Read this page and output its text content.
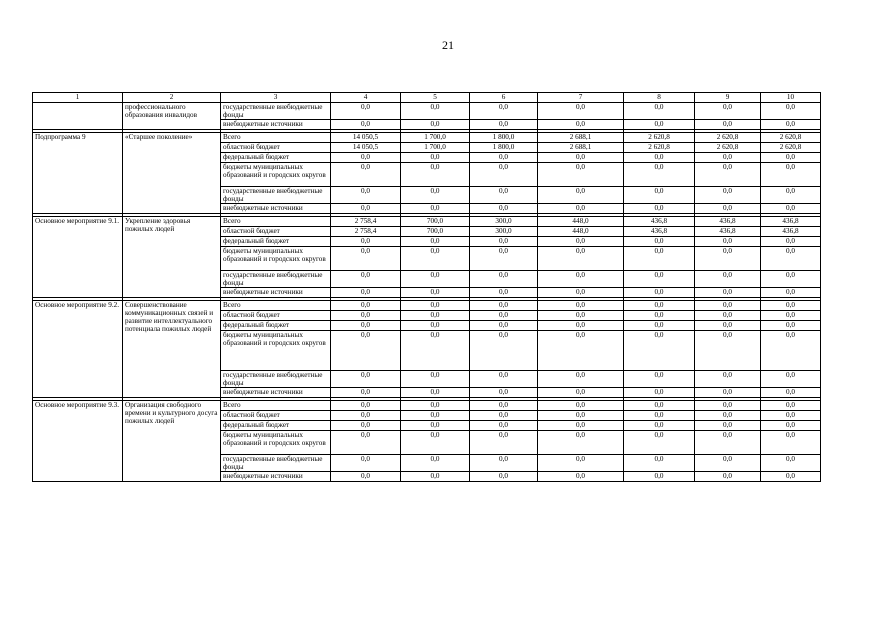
21
1	2	3	4	5	6	7	8	9	10
	профессионального образования инвалидов	государственные внебюджетные фонды	0,0	0,0	0,0	0,0	0,0	0,0	0,0
		внебюджетные источники	0,0	0,0	0,0	0,0	0,0	0,0	0,0

Подпрограмма 9	«Старшее поколение»	Всего	14 050,5	1 700,0	1 800,0	2 688,1	2 620,8	2 620,8	2 620,8
		областной бюджет	14 050,5	1 700,0	1 800,0	2 688,1	2 620,8	2 620,8	2 620,8
		федеральный бюджет	0,0	0,0	0,0	0,0	0,0	0,0	0,0
		бюджеты муниципальных образований и городских округов	0,0	0,0	0,0	0,0	0,0	0,0	0,0
		государственные внебюджетные фонды	0,0	0,0	0,0	0,0	0,0	0,0	0,0
		внебюджетные источники	0,0	0,0	0,0	0,0	0,0	0,0	0,0

Основное мероприятие 9.1.	Укрепление здоровья пожилых людей	Всего	2 758,4	700,0	300,0	448,0	436,8	436,8	436,8
		областной бюджет	2 758,4	700,0	300,0	448,0	436,8	436,8	436,8
		федеральный бюджет	0,0	0,0	0,0	0,0	0,0	0,0	0,0
		бюджеты муниципальных образований и городских округов	0,0	0,0	0,0	0,0	0,0	0,0	0,0
		государственные внебюджетные фонды	0,0	0,0	0,0	0,0	0,0	0,0	0,0
		внебюджетные источники	0,0	0,0	0,0	0,0	0,0	0,0	0,0

Основное мероприятие 9.2.	Совершенствование коммуникационных связей и развитие интеллектуального потенциала пожилых людей	Всего	0,0	0,0	0,0	0,0	0,0	0,0	0,0
		областной бюджет	0,0	0,0	0,0	0,0	0,0	0,0	0,0
		федеральный бюджет	0,0	0,0	0,0	0,0	0,0	0,0	0,0
		бюджеты муниципальных образований и городских округов	0,0	0,0	0,0	0,0	0,0	0,0	0,0
		государственные внебюджетные фонды	0,0	0,0	0,0	0,0	0,0	0,0	0,0
		внебюджетные источники	0,0	0,0	0,0	0,0	0,0	0,0	0,0

Основное мероприятие 9.3.	Организация свободного времени и культурного досуга пожилых людей	Всего	0,0	0,0	0,0	0,0	0,0	0,0	0,0
		областной бюджет	0,0	0,0	0,0	0,0	0,0	0,0	0,0
		федеральный бюджет	0,0	0,0	0,0	0,0	0,0	0,0	0,0
		бюджеты муниципальных образований и городских округов	0,0	0,0	0,0	0,0	0,0	0,0	0,0
		государственные внебюджетные фонды	0,0	0,0	0,0	0,0	0,0	0,0	0,0
		внебюджетные источники	0,0	0,0	0,0	0,0	0,0	0,0	0,0
